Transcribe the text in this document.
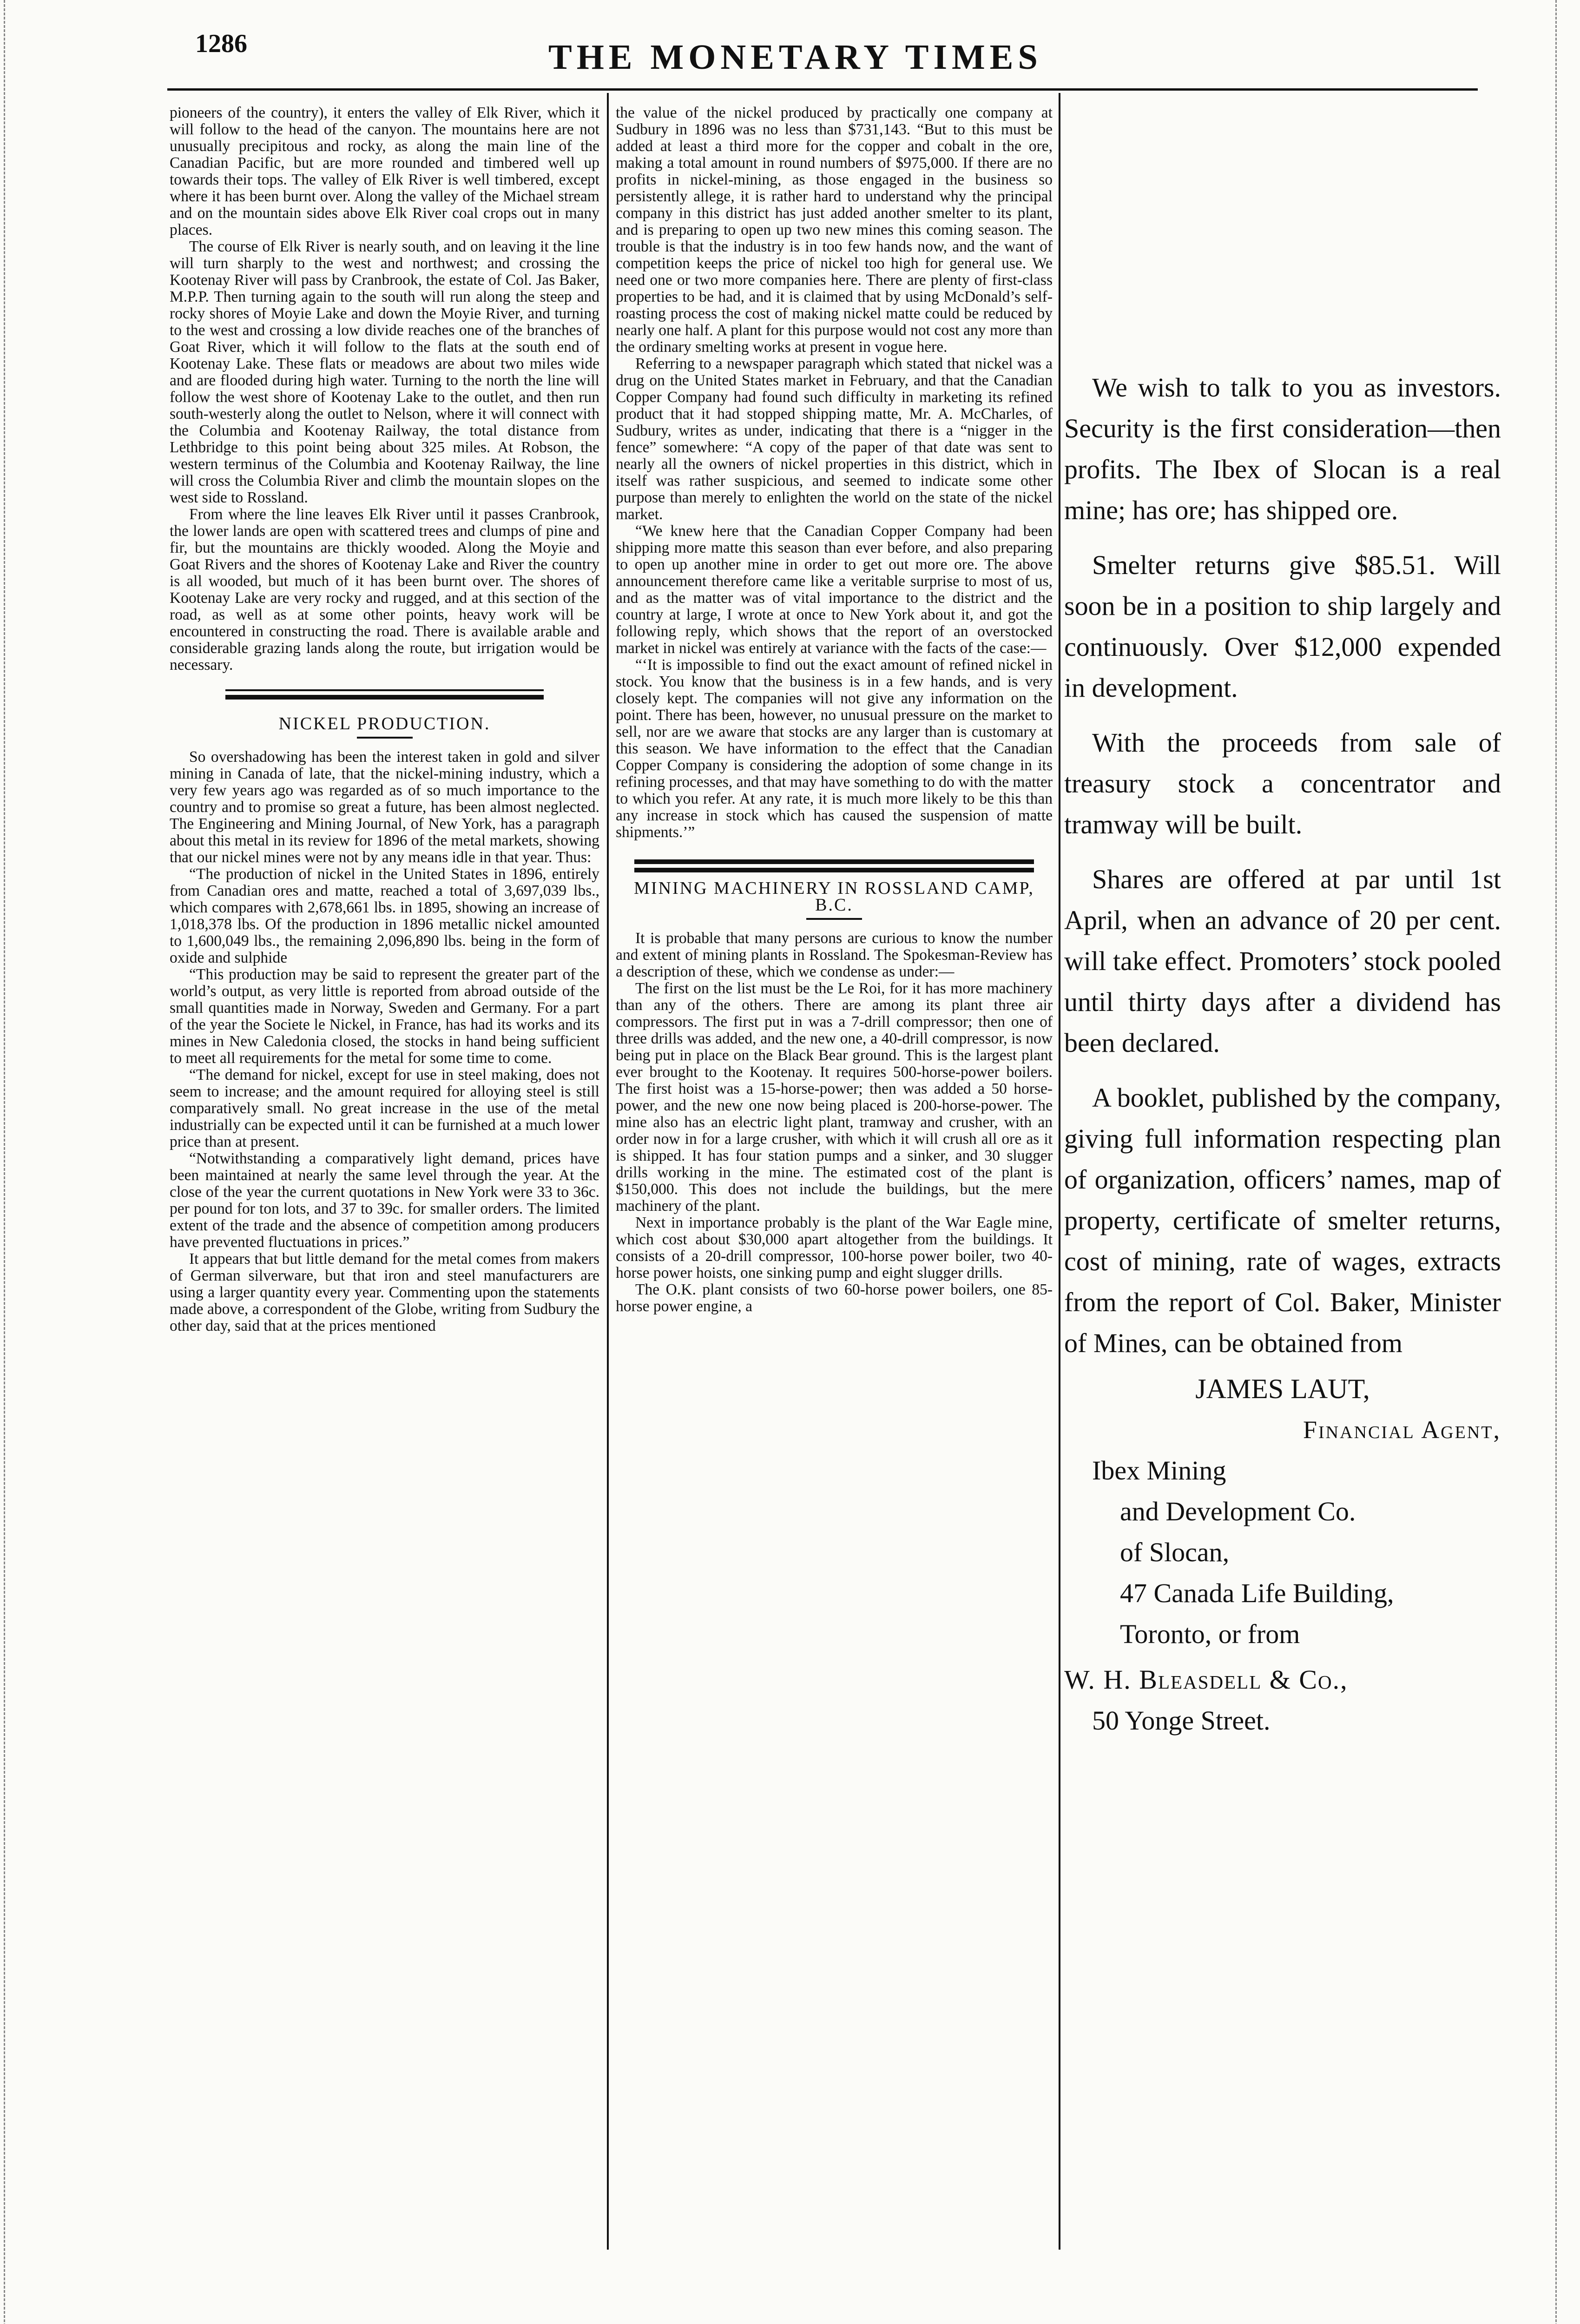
1286	THE MONETARY TIMES

pioneers of the country), it enters the valley of Elk River, which it will follow to the head of the canyon. The mountains here are not unusually precipitous and rocky, as along the main line of the Canadian Pacific, but are more rounded and timbered well up towards their tops. The valley of Elk River is well timbered, except where it has been burnt over. Along the valley of the Michael stream and on the mountain sides above Elk River coal crops out in many places.

The course of Elk River is nearly south, and on leaving it the line will turn sharply to the west and northwest; and crossing the Kootenay River will pass by Cranbrook, the estate of Col. Jas Baker, M.P.P. Then turning again to the south will run along the steep and rocky shores of Moyie Lake and down the Moyie River, and turning to the west and crossing a low divide reaches one of the branches of Goat River, which it will follow to the flats at the south end of Kootenay Lake. These flats or meadows are about two miles wide and are flooded during high water. Turning to the north the line will follow the west shore of Kootenay Lake to the outlet, and then run south-westerly along the outlet to Nelson, where it will connect with the Columbia and Kootenay Railway, the total distance from Lethbridge to this point being about 325 miles. At Robson, the western terminus of the Columbia and Kootenay Railway, the line will cross the Columbia River and climb the mountain slopes on the west side to Rossland.

From where the line leaves Elk River until it passes Cranbrook, the lower lands are open with scattered trees and clumps of pine and fir, but the mountains are thickly wooded. Along the Moyie and Goat Rivers and the shores of Kootenay Lake and River the country is all wooded, but much of it has been burnt over. The shores of Kootenay Lake are very rocky and rugged, and at this section of the road, as well as at some other points, heavy work will be encountered in constructing the road. There is available arable and considerable grazing lands along the route, but irrigation would be necessary.

NICKEL PRODUCTION.

So overshadowing has been the interest taken in gold and silver mining in Canada of late, that the nickel-mining industry, which a very few years ago was regarded as of so much importance to the country and to promise so great a future, has been almost neglected. The Engineering and Mining Journal, of New York, has a paragraph about this metal in its review for 1896 of the metal markets, showing that our nickel mines were not by any means idle in that year. Thus:

“The production of nickel in the United States in 1896, entirely from Canadian ores and matte, reached a total of 3,697,039 lbs., which compares with 2,678,661 lbs. in 1895, showing an increase of 1,018,378 lbs. Of the production in 1896 metallic nickel amounted to 1,600,049 lbs., the remaining 2,096,890 lbs. being in the form of oxide and sulphide

“This production may be said to represent the greater part of the world’s output, as very little is reported from abroad outside of the small quantities made in Norway, Sweden and Germany. For a part of the year the Societe le Nickel, in France, has had its works and its mines in New Caledonia closed, the stocks in hand being sufficient to meet all requirements for the metal for some time to come.

“The demand for nickel, except for use in steel making, does not seem to increase; and the amount required for alloying steel is still comparatively small. No great increase in the use of the metal industrially can be expected until it can be furnished at a much lower price than at present.

“Notwithstanding a comparatively light demand, prices have been maintained at nearly the same level through the year. At the close of the year the current quotations in New York were 33 to 36c. per pound for ton lots, and 37 to 39c. for smaller orders. The limited extent of the trade and the absence of competition among producers have prevented fluctuations in prices.”

It appears that but little demand for the metal comes from makers of German silverware, but that iron and steel manufacturers are using a larger quantity every year. Commenting upon the statements made above, a correspondent of the Globe, writing from Sudbury the other day, said that at the prices mentioned

the value of the nickel produced by practically one company at Sudbury in 1896 was no less than $731,143. “But to this must be added at least a third more for the copper and cobalt in the ore, making a total amount in round numbers of $975,000. If there are no profits in nickel-mining, as those engaged in the business so persistently allege, it is rather hard to understand why the principal company in this district has just added another smelter to its plant, and is preparing to open up two new mines this coming season. The trouble is that the industry is in too few hands now, and the want of competition keeps the price of nickel too high for general use. We need one or two more companies here. There are plenty of first-class properties to be had, and it is claimed that by using McDonald’s self-roasting process the cost of making nickel matte could be reduced by nearly one half. A plant for this purpose would not cost any more than the ordinary smelting works at present in vogue here.

Referring to a newspaper paragraph which stated that nickel was a drug on the United States market in February, and that the Canadian Copper Company had found such difficulty in marketing its refined product that it had stopped shipping matte, Mr. A. McCharles, of Sudbury, writes as under, indicating that there is a “nigger in the fence” somewhere: “A copy of the paper of that date was sent to nearly all the owners of nickel properties in this district, which in itself was rather suspicious, and seemed to indicate some other purpose than merely to enlighten the world on the state of the nickel market.

“We knew here that the Canadian Copper Company had been shipping more matte this season than ever before, and also preparing to open up another mine in order to get out more ore. The above announcement therefore came like a veritable surprise to most of us, and as the matter was of vital importance to the district and the country at large, I wrote at once to New York about it, and got the following reply, which shows that the report of an overstocked market in nickel was entirely at variance with the facts of the case:—

“‘It is impossible to find out the exact amount of refined nickel in stock. You know that the business is in a few hands, and is very closely kept. The companies will not give any information on the point. There has been, however, no unusual pressure on the market to sell, nor are we aware that stocks are any larger than is customary at this season. We have information to the effect that the Canadian Copper Company is considering the adoption of some change in its refining processes, and that may have something to do with the matter to which you refer. At any rate, it is much more likely to be this than any increase in stock which has caused the suspension of matte shipments.’”

MINING MACHINERY IN ROSSLAND CAMP, B.C.

It is probable that many persons are curious to know the number and extent of mining plants in Rossland. The Spokesman-Review has a description of these, which we condense as under:—

The first on the list must be the Le Roi, for it has more machinery than any of the others. There are among its plant three air compressors. The first put in was a 7-drill compressor; then one of three drills was added, and the new one, a 40-drill compressor, is now being put in place on the Black Bear ground. This is the largest plant ever brought to the Kootenay. It requires 500-horse-power boilers. The first hoist was a 15-horse-power; then was added a 50 horse-power, and the new one now being placed is 200-horse-power. The mine also has an electric light plant, tramway and crusher, with an order now in for a large crusher, with which it will crush all ore as it is shipped. It has four station pumps and a sinker, and 30 slugger drills working in the mine. The estimated cost of the plant is $150,000. This does not include the buildings, but the mere machinery of the plant.

Next in importance probably is the plant of the War Eagle mine, which cost about $30,000 apart altogether from the buildings. It consists of a 20-drill compressor, 100-horse power boiler, two 40-horse power hoists, one sinking pump and eight slugger drills.

The O.K. plant consists of two 60-horse power boilers, one 85-horse power engine, a

We wish to talk to you as investors. Security is the first consideration—then profits. The Ibex of Slocan is a real mine; has ore; has shipped ore.

Smelter returns give $85.51. Will soon be in a position to ship largely and continuously. Over $12,000 expended in development.

With the proceeds from sale of treasury stock a concentrator and tramway will be built.

Shares are offered at par until 1st April, when an advance of 20 per cent. will take effect. Promoters’ stock pooled until thirty days after a dividend has been declared.

A booklet, published by the company, giving full information respecting plan of organization, officers’ names, map of property, certificate of smelter returns, cost of mining, rate of wages, extracts from the report of Col. Baker, Minister of Mines, can be obtained from

JAMES LAUT,
Financial Agent,
Ibex Mining
and Development Co.
of Slocan,
47 Canada Life Building,
Toronto, or from
W. H. Bleasdell & Co.,
50 Yonge Street.
